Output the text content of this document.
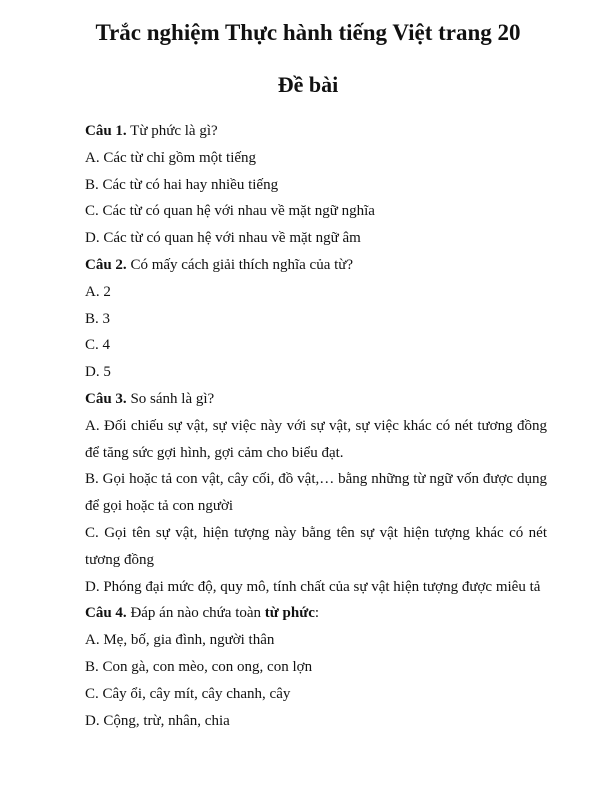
Trắc nghiệm Thực hành tiếng Việt trang 20
Đề bài
Câu 1. Từ phức là gì?
A. Các từ chỉ gồm một tiếng
B. Các từ có hai hay nhiều tiếng
C. Các từ có quan hệ với nhau về mặt ngữ nghĩa
D. Các từ có quan hệ với nhau về mặt ngữ âm
Câu 2. Có mấy cách giải thích nghĩa của từ?
A. 2
B. 3
C. 4
D. 5
Câu 3. So sánh là gì?
A. Đối chiếu sự vật, sự việc này với sự vật, sự việc khác có nét tương đồng để tăng sức gợi hình, gợi cảm cho biểu đạt.
B. Gọi hoặc tả con vật, cây cối, đồ vật,… bằng những từ ngữ vốn được dụng để gọi hoặc tả con người
C. Gọi tên sự vật, hiện tượng này bằng tên sự vật hiện tượng khác có nét tương đồng
D. Phóng đại mức độ, quy mô, tính chất của sự vật hiện tượng được miêu tả
Câu 4. Đáp án nào chứa toàn từ phức:
A. Mẹ, bố, gia đình, người thân
B. Con gà, con mèo, con ong, con lợn
C. Cây ổi, cây mít, cây chanh, cây
D. Cộng, trừ, nhân, chia
